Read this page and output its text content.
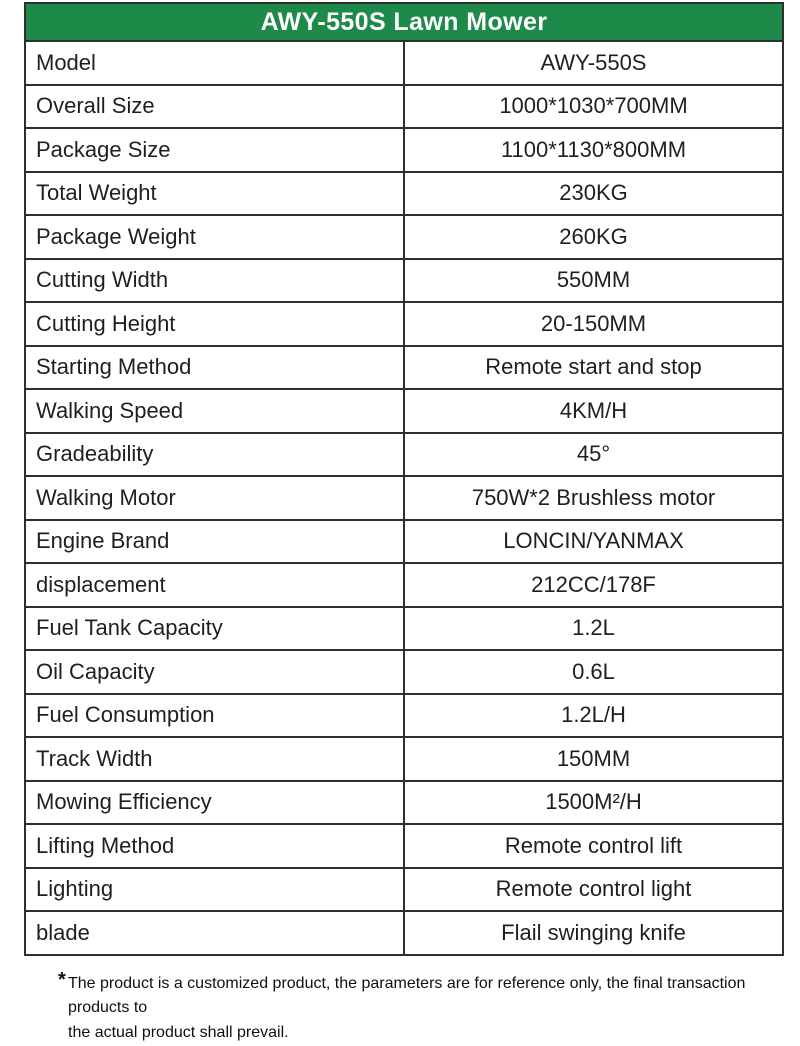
AWY-550S Lawn Mower	
Model	AWY-550S
Overall Size	1000*1030*700MM
Package Size	1100*1130*800MM
Total Weight	230KG
Package Weight	260KG
Cutting Width	550MM
Cutting Height	20-150MM
Starting Method	Remote start and stop
Walking Speed	4KM/H
Gradeability	45°
Walking Motor	750W*2 Brushless motor
Engine Brand	LONCIN/YANMAX
displacement	212CC/178F
Fuel Tank Capacity	1.2L
Oil Capacity	0.6L
Fuel Consumption	1.2L/H
Track Width	150MM
Mowing Efficiency	1500M²/H
Lifting Method	Remote control lift
Lighting	Remote control light
blade	Flail swinging knife

* The product is a customized product, the parameters are for reference only, the final transaction products to
the actual product shall prevail.
